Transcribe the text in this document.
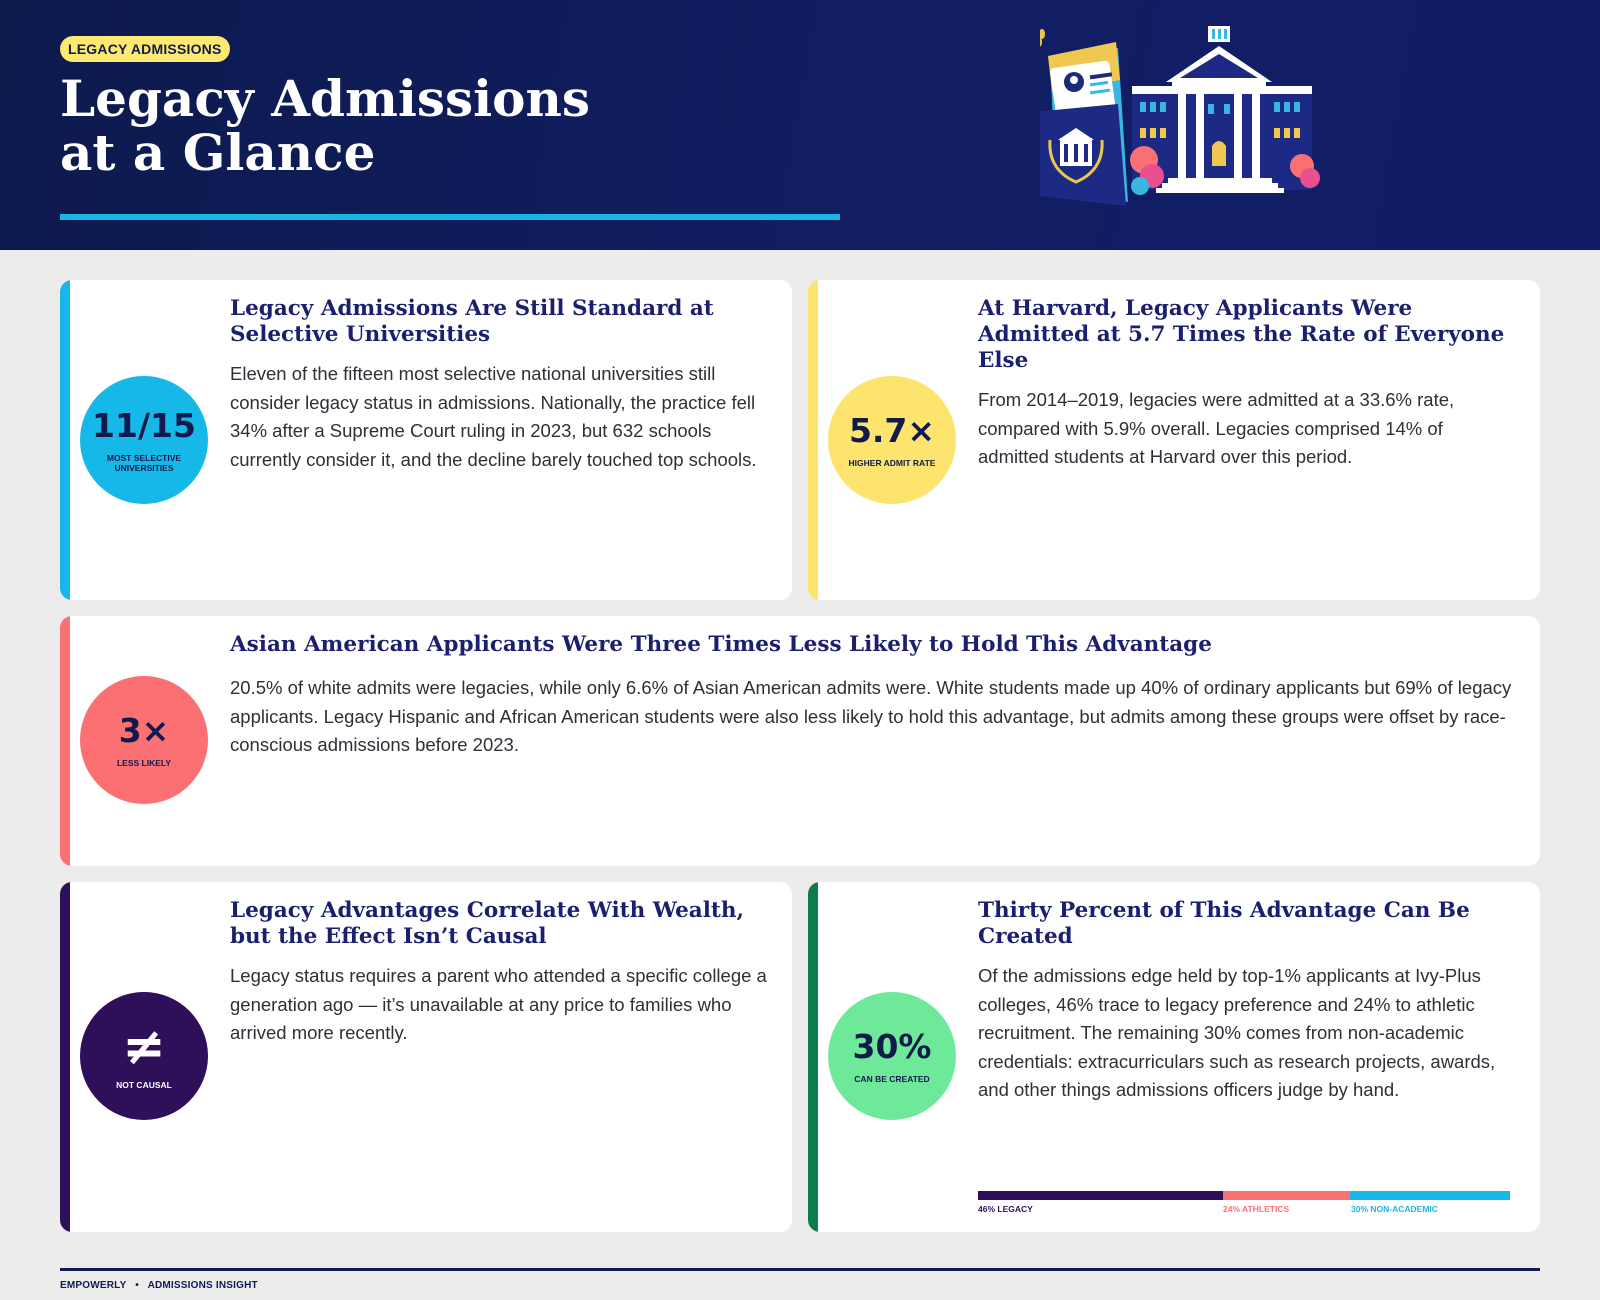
LEGACY ADMISSIONS
Legacy Admissions
at a Glance
11/15
MOST SELECTIVE UNIVERSITIES
Legacy Admissions Are Still Standard at Selective Universities
Eleven of the fifteen most selective national universities still consider legacy status in admissions. Nationally, the practice fell 34% after a Supreme Court ruling in 2023, but 632 schools currently consider it, and the decline barely touched top schools.
5.7×
HIGHER ADMIT RATE
At Harvard, Legacy Applicants Were Admitted at 5.7 Times the Rate of Everyone Else
From 2014–2019, legacies were admitted at a 33.6% rate, compared with 5.9% overall. Legacies comprised 14% of admitted students at Harvard over this period.
3×
LESS LIKELY
Asian American Applicants Were Three Times Less Likely to Hold This Advantage
20.5% of white admits were legacies, while only 6.6% of Asian American admits were. White students made up 40% of ordinary applicants but 69% of legacy applicants. Legacy Hispanic and African American students were also less likely to hold this advantage, but admits among these groups were offset by race-conscious admissions before 2023.
≠
NOT CAUSAL
Legacy Advantages Correlate With Wealth, but the Effect Isn’t Causal
Legacy status requires a parent who attended a specific college a generation ago — it’s unavailable at any price to families who arrived more recently.	30%
CAN BE CREATED
Thirty Percent of This Advantage Can Be Created
Of the admissions edge held by top-1% applicants at Ivy-Plus colleges, 46% trace to legacy preference and 24% to athletic recruitment. The remaining 30% comes from non-academic credentials: extracurriculars such as research projects, awards, and other things admissions officers judge by hand.
46% LEGACY	24% ATHLETICS	30% NON-ACADEMIC
EMPOWERLY • ADMISSIONS INSIGHT
